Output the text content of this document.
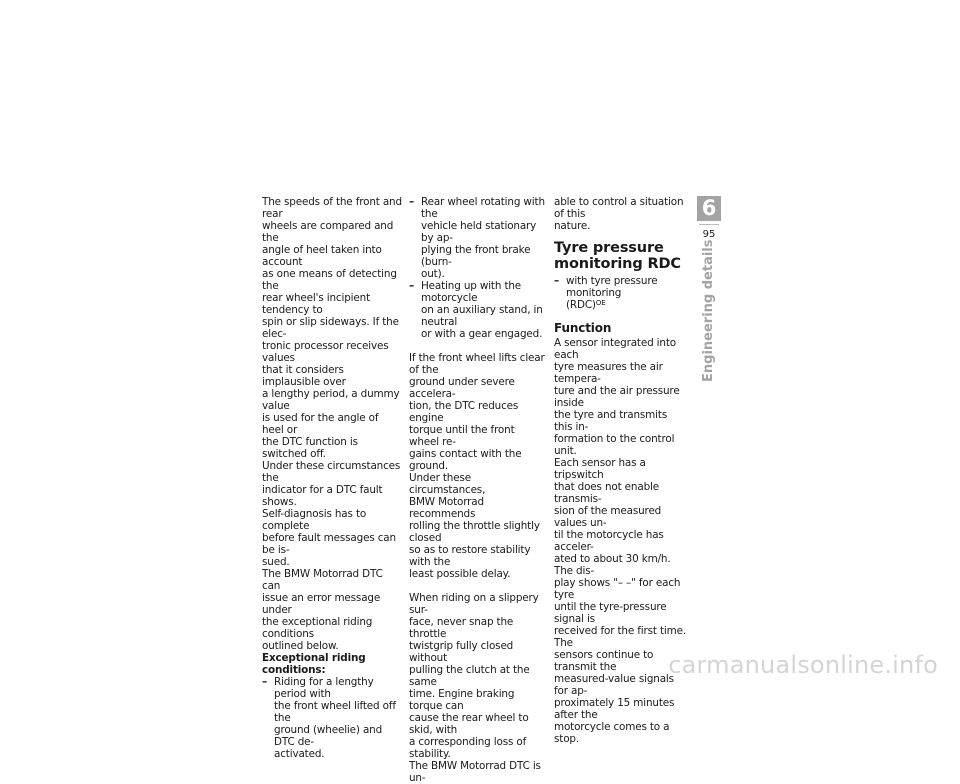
The speeds of the front and rear

wheels are compared and the

angle of heel taken into account

as one means of detecting the

rear wheel's incipient tendency to

spin or slip sideways. If the elec-

tronic processor receives values

that it considers implausible over

a lengthy period, a dummy value

is used for the angle of heel or

the DTC function is switched off.

Under these circumstances the

indicator for a DTC fault shows.

Self-diagnosis has to complete

before fault messages can be is-

sued.

The BMW Motorrad DTC can

issue an error message under

the exceptional riding conditions

outlined below.

Exceptional riding

conditions:

– Riding for a lengthy period with

the front wheel lifted off the

ground (wheelie) and DTC de-

activated.

– Rear wheel rotating with the

vehicle held stationary by ap-

plying the front brake (burn-

out).

– Heating up with the motorcycle

on an auxiliary stand, in neutral

or with a gear engaged.

If the front wheel lifts clear of the

ground under severe accelera-

tion, the DTC reduces engine

torque until the front wheel re-

gains contact with the ground.

Under these circumstances,

BMW Motorrad recommends

rolling the throttle slightly closed

so as to restore stability with the

least possible delay.

When riding on a slippery sur-

face, never snap the throttle

twistgrip fully closed without

pulling the clutch at the same

time. Engine braking torque can

cause the rear wheel to skid, with

a corresponding loss of stability.

The BMW Motorrad DTC is un-

able to control a situation of this

nature.

Tyre pressure
monitoring RDC

– with tyre pressure monitoring

(RDC)$^{OE}$

Function

A sensor integrated into each

tyre measures the air tempera-

ture and the air pressure inside

the tyre and transmits this in-

formation to the control unit.

Each sensor has a tripswitch

that does not enable transmis-

sion of the measured values un-

til the motorcycle has acceler-

ated to about 30 km/h. The dis-

play shows "– –" for each tyre

until the tyre-pressure signal is

received for the first time. The

sensors continue to transmit the

measured-value signals for ap-

proximately 15 minutes after the

motorcycle comes to a stop.

6
95
Engineering details
carmanualsonline.info
